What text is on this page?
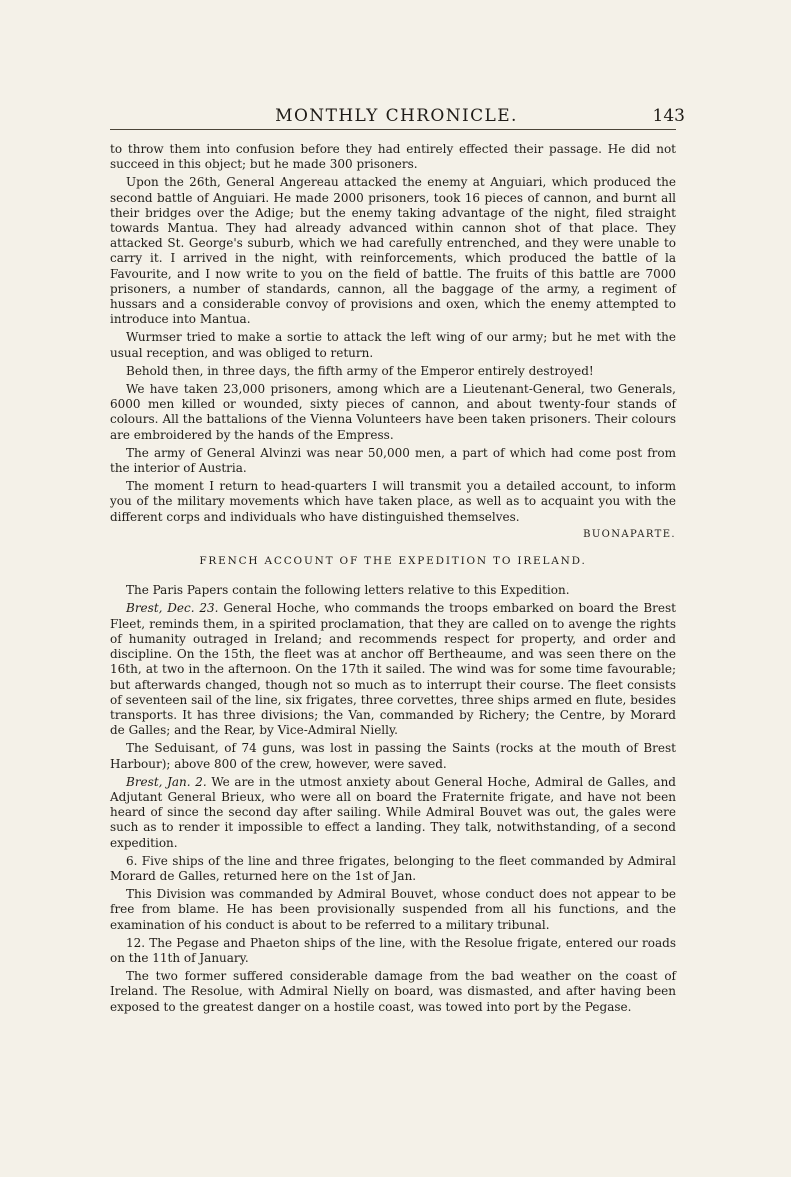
MONTHLY CHRONICLE.	143

to throw them into confusion before they had entirely effected their passage. He did not succeed in this object; but he made 300 prisoners.

Upon the 26th, General Angereau attacked the enemy at Anguiari, which produced the second battle of Anguiari. He made 2000 prisoners, took 16 pieces of cannon, and burnt all their bridges over the Adige; but the enemy taking advantage of the night, filed straight towards Mantua. They had already advanced within cannon shot of that place. They attacked St. George's suburb, which we had carefully entrenched, and they were unable to carry it. I arrived in the night, with reinforcements, which produced the battle of la Favourite, and I now write to you on the field of battle. The fruits of this battle are 7000 prisoners, a number of standards, cannon, all the baggage of the army, a regiment of hussars and a considerable convoy of provisions and oxen, which the enemy attempted to introduce into Mantua.

Wurmser tried to make a sortie to attack the left wing of our army; but he met with the usual reception, and was obliged to return.

Behold then, in three days, the fifth army of the Emperor entirely destroyed!

We have taken 23,000 prisoners, among which are a Lieutenant-General, two Generals, 6000 men killed or wounded, sixty pieces of cannon, and about twenty-four stands of colours. All the battalions of the Vienna Volunteers have been taken prisoners. Their colours are embroidered by the hands of the Empress.

The army of General Alvinzi was near 50,000 men, a part of which had come post from the interior of Austria.

The moment I return to head-quarters I will transmit you a detailed account, to inform you of the military movements which have taken place, as well as to acquaint you with the different corps and individuals who have distinguished themselves.

BUONAPARTE.
FRENCH ACCOUNT OF THE EXPEDITION TO IRELAND.

The Paris Papers contain the following letters relative to this Expedition.

Brest, Dec. 23. General Hoche, who commands the troops embarked on board the Brest Fleet, reminds them, in a spirited proclamation, that they are called on to avenge the rights of humanity outraged in Ireland; and recommends respect for property, and order and discipline. On the 15th, the fleet was at anchor off Bertheaume, and was seen there on the 16th, at two in the afternoon. On the 17th it sailed. The wind was for some time favourable; but afterwards changed, though not so much as to interrupt their course. The fleet consists of seventeen sail of the line, six frigates, three corvettes, three ships armed en flute, besides transports. It has three divisions; the Van, commanded by Richery; the Centre, by Morard de Galles; and the Rear, by Vice-Admiral Nielly.

The Seduisant, of 74 guns, was lost in passing the Saints (rocks at the mouth of Brest Harbour); above 800 of the crew, however, were saved.

Brest, Jan. 2. We are in the utmost anxiety about General Hoche, Admiral de Galles, and Adjutant General Brieux, who were all on board the Fraternite frigate, and have not been heard of since the second day after sailing. While Admiral Bouvet was out, the gales were such as to render it impossible to effect a landing. They talk, notwithstanding, of a second expedition.

6. Five ships of the line and three frigates, belonging to the fleet commanded by Admiral Morard de Galles, returned here on the 1st of Jan.

This Division was commanded by Admiral Bouvet, whose conduct does not appear to be free from blame. He has been provisionally suspended from all his functions, and the examination of his conduct is about to be referred to a military tribunal.

12. The Pegase and Phaeton ships of the line, with the Resolue frigate, entered our roads on the 11th of January.

The two former suffered considerable damage from the bad weather on the coast of Ireland. The Resolue, with Admiral Nielly on board, was dismasted, and after having been exposed to the greatest danger on a hostile coast, was towed into port by the Pegase.
